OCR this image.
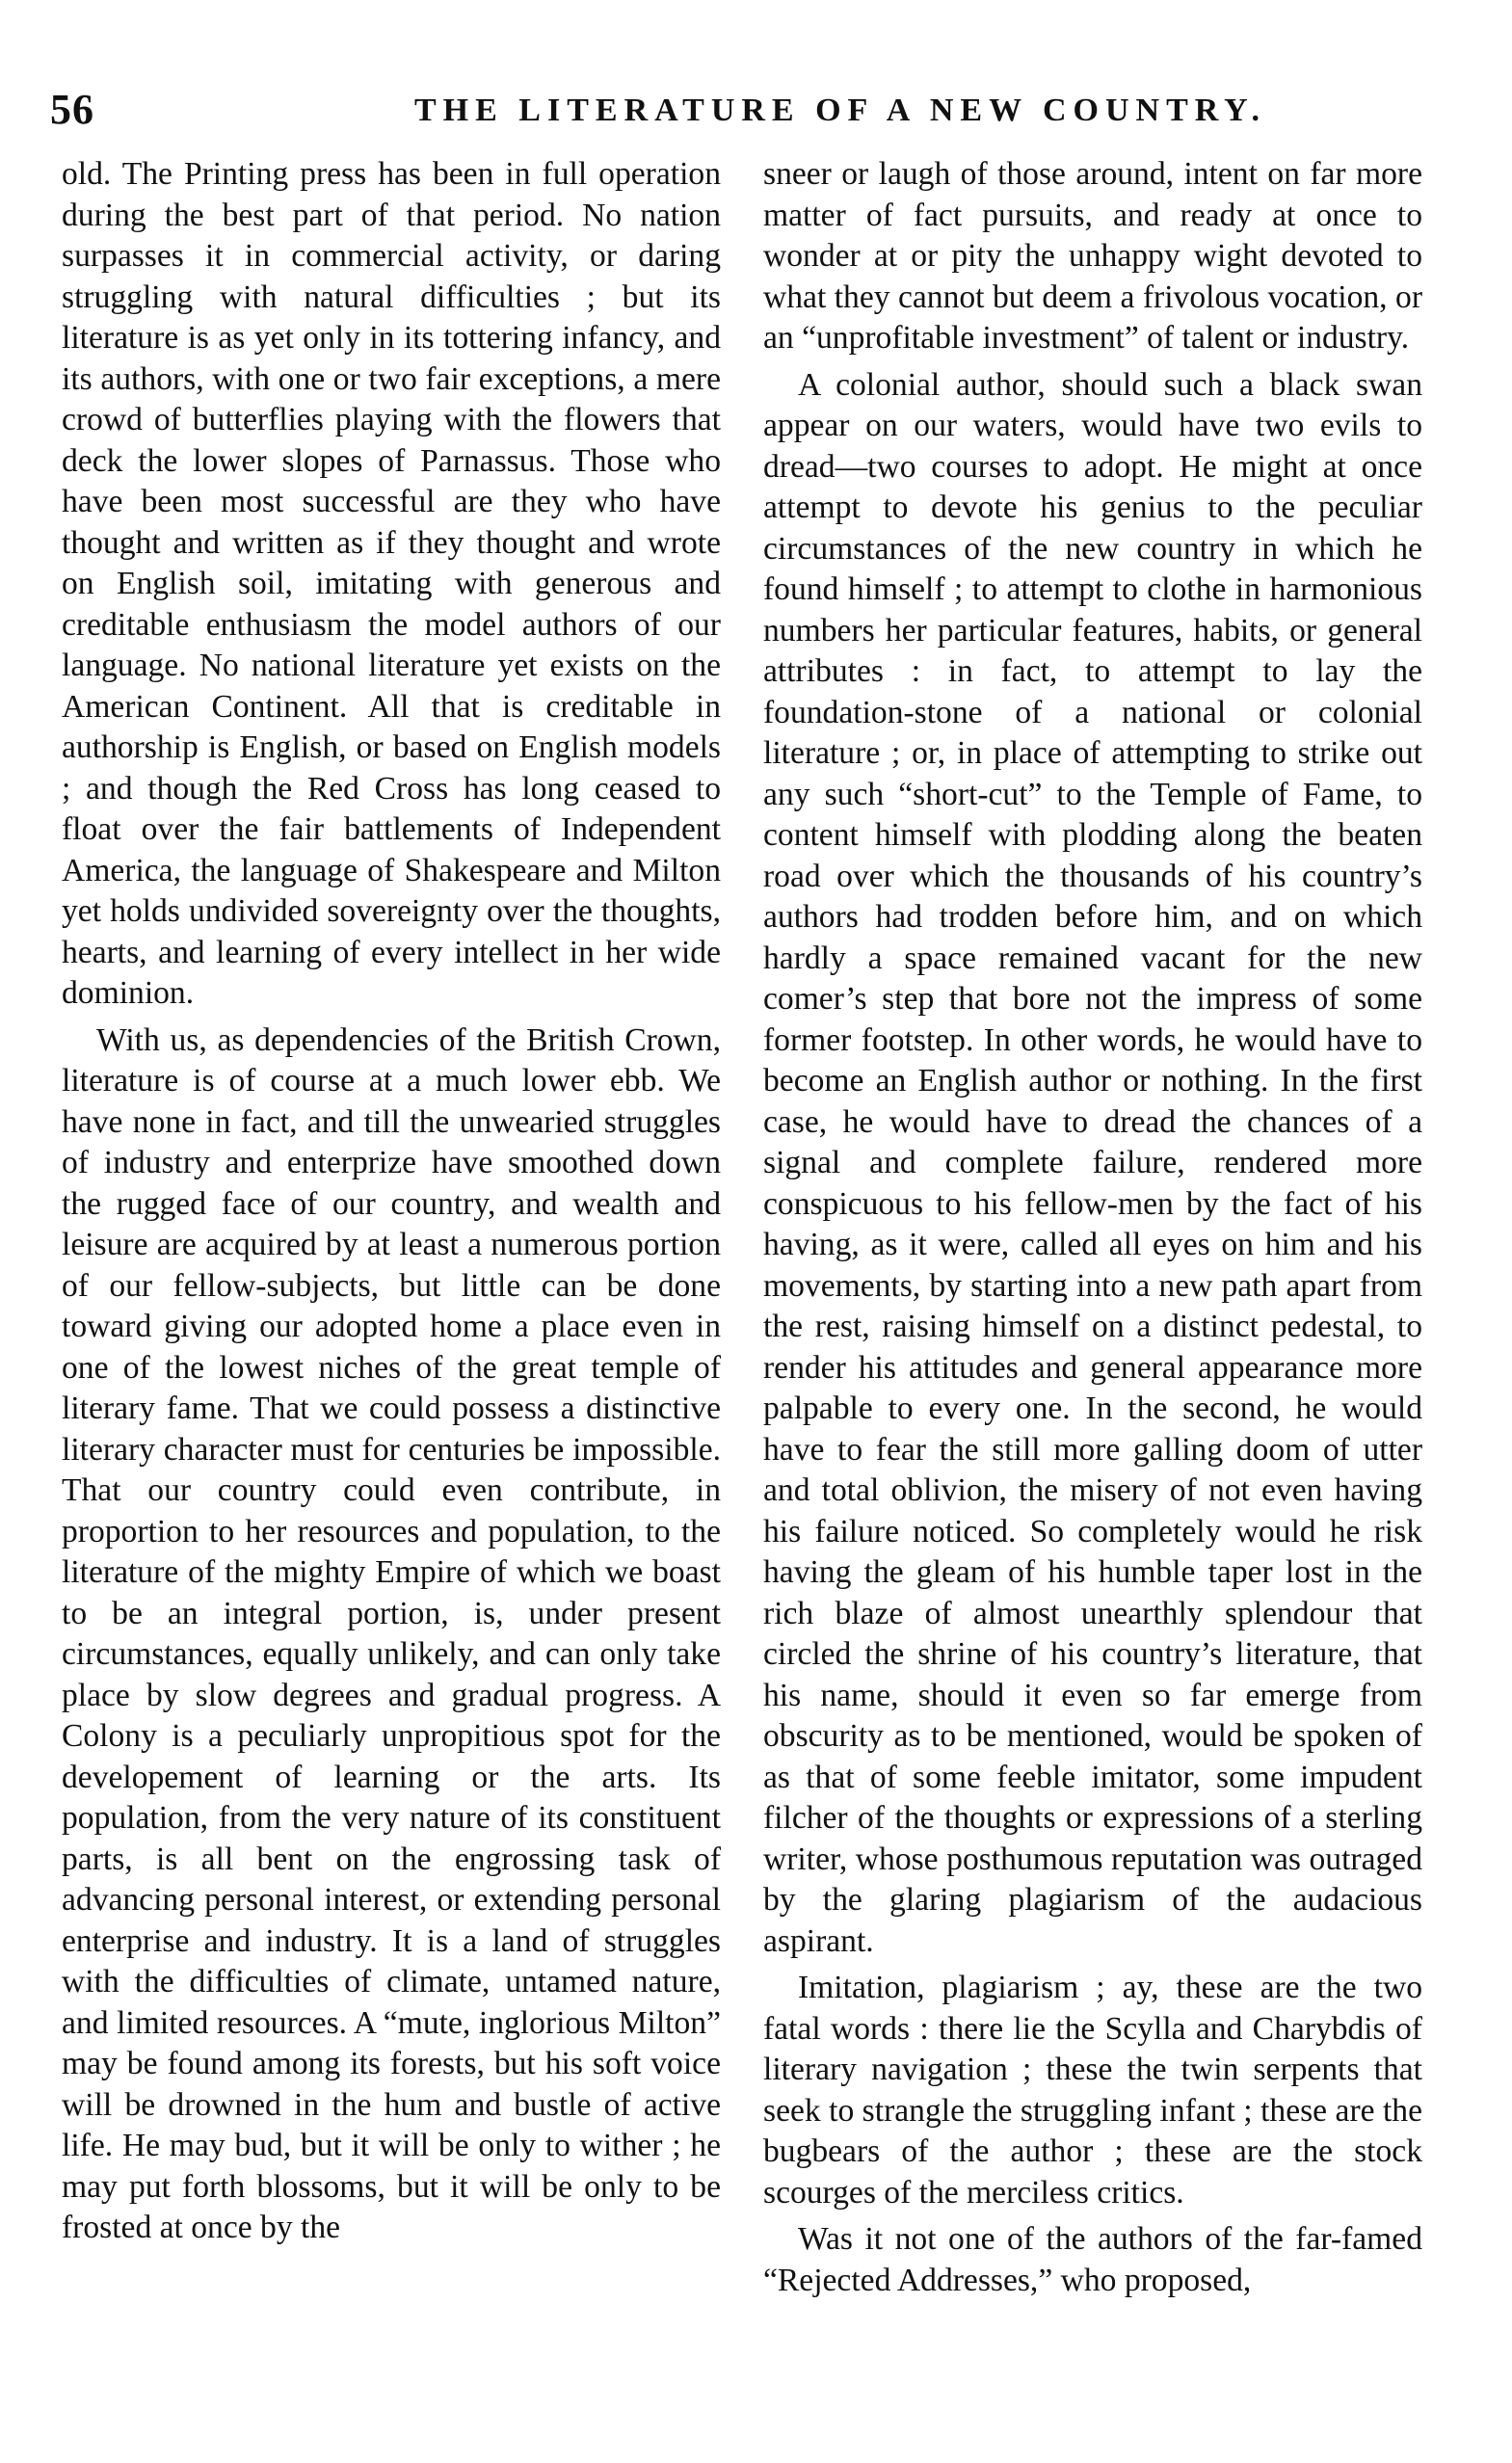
56	THE LITERATURE OF A NEW COUNTRY.

old. The Printing press has been in full operation during the best part of that period. No nation surpasses it in commercial activity, or daring struggling with natural difficulties ; but its literature is as yet only in its tottering infancy, and its authors, with one or two fair exceptions, a mere crowd of butterflies playing with the flowers that deck the lower slopes of Parnassus. Those who have been most successful are they who have thought and written as if they thought and wrote on English soil, imitating with generous and creditable enthusiasm the model authors of our language. No national literature yet exists on the American Continent. All that is creditable in authorship is English, or based on English models ; and though the Red Cross has long ceased to float over the fair battlements of Independent America, the language of Shakespeare and Milton yet holds undivided sovereignty over the thoughts, hearts, and learning of every intellect in her wide dominion.

With us, as dependencies of the British Crown, literature is of course at a much lower ebb. We have none in fact, and till the unwearied struggles of industry and enterprize have smoothed down the rugged face of our country, and wealth and leisure are acquired by at least a numerous portion of our fellow-subjects, but little can be done toward giving our adopted home a place even in one of the lowest niches of the great temple of literary fame. That we could possess a distinctive literary character must for centuries be impossible. That our country could even contribute, in proportion to her resources and population, to the literature of the mighty Empire of which we boast to be an integral portion, is, under present circumstances, equally unlikely, and can only take place by slow degrees and gradual progress. A Colony is a peculiarly unpropitious spot for the developement of learning or the arts. Its population, from the very nature of its constituent parts, is all bent on the engrossing task of advancing personal interest, or extending personal enterprise and industry. It is a land of struggles with the difficulties of climate, untamed nature, and limited resources. A “mute, inglorious Milton” may be found among its forests, but his soft voice will be drowned in the hum and bustle of active life. He may bud, but it will be only to wither ; he may put forth blossoms, but it will be only to be frosted at once by the

sneer or laugh of those around, intent on far more matter of fact pursuits, and ready at once to wonder at or pity the unhappy wight devoted to what they cannot but deem a frivolous vocation, or an “unprofitable investment” of talent or industry.

A colonial author, should such a black swan appear on our waters, would have two evils to dread—two courses to adopt. He might at once attempt to devote his genius to the peculiar circumstances of the new country in which he found himself ; to attempt to clothe in harmonious numbers her particular features, habits, or general attributes : in fact, to attempt to lay the foundation-stone of a national or colonial literature ; or, in place of attempting to strike out any such “short-cut” to the Temple of Fame, to content himself with plodding along the beaten road over which the thousands of his country’s authors had trodden before him, and on which hardly a space remained vacant for the new comer’s step that bore not the impress of some former footstep. In other words, he would have to become an English author or nothing. In the first case, he would have to dread the chances of a signal and complete failure, rendered more conspicuous to his fellow-men by the fact of his having, as it were, called all eyes on him and his movements, by starting into a new path apart from the rest, raising himself on a distinct pedestal, to render his attitudes and general appearance more palpable to every one. In the second, he would have to fear the still more galling doom of utter and total oblivion, the misery of not even having his failure noticed. So completely would he risk having the gleam of his humble taper lost in the rich blaze of almost unearthly splendour that circled the shrine of his country’s literature, that his name, should it even so far emerge from obscurity as to be mentioned, would be spoken of as that of some feeble imitator, some impudent filcher of the thoughts or expressions of a sterling writer, whose posthumous reputation was outraged by the glaring plagiarism of the audacious aspirant.

Imitation, plagiarism ; ay, these are the two fatal words : there lie the Scylla and Charybdis of literary navigation ; these the twin serpents that seek to strangle the struggling infant ; these are the bugbears of the author ; these are the stock scourges of the merciless critics.

Was it not one of the authors of the far-famed “Rejected Addresses,” who proposed,
